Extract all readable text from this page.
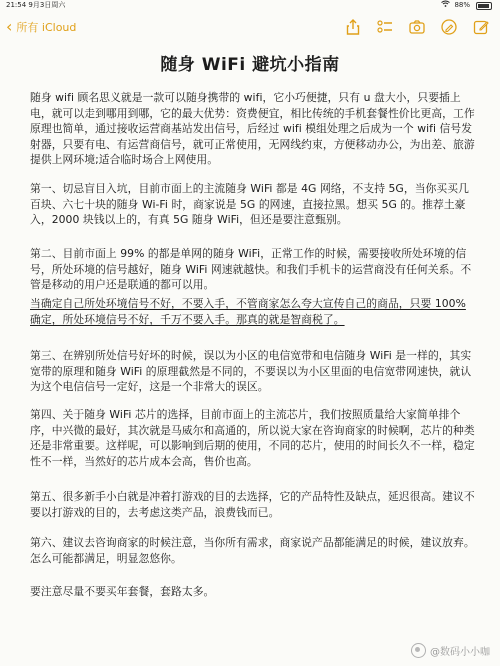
21:54 9月3日周六	88%
‹ 所有 iCloud
随身 WiFi 避坑小指南

随身 wifi 顾名思义就是一款可以随身携带的 wifi，它小巧便捷，只有 u 盘大小，只要插上电，就可以走到哪用到哪，它的最大优势：资费便宜，相比传统的手机套餐性价比更高，工作原理也简单，通过接收运营商基站发出信号，后经过 wifi 模组处理之后成为一个 wifi 信号发射器，只要有电、有运营商信号，就可正常使用，无网线约束，方便移动办公，为出差、旅游提供上网环境;适合临时场合上网使用。

第一、切忌盲目入坑，目前市面上的主流随身 WiFi 都是 4G 网络，不支持 5G，当你买买几百块、六七十块的随身 Wi-Fi 时，商家说是 5G 的网速，直接拉黑。想买 5G 的。推荐土豪入，2000 块钱以上的，有真 5G 随身 WiFi，但还是要注意甄别。

第二、目前市面上 99% 的都是单网的随身 WiFi，正常工作的时候，需要接收所处环境的信号，所处环境的信号越好，随身 WiFi 网速就越快。和我们手机卡的运营商没有任何关系。不管是移动的用户还是联通的都可以用。

当确定自己所处环境信号不好，不要入手，不管商家怎么夸大宣传自己的商品，只要 100% 确定，所处环境信号不好，千万不要入手。那真的就是智商税了。

第三、在辨别所处信号好坏的时候，误以为小区的电信宽带和电信随身 WiFi 是一样的，其实宽带的原理和随身 WiFi 的原理截然是不同的，不要误以为小区里面的电信宽带网速快，就认为这个电信信号一定好，这是一个非常大的误区。

第四、关于随身 WiFi 芯片的选择，目前市面上的主流芯片，我们按照质量给大家简单排个序，中兴微的最好，其次就是马威尔和高通的，所以说大家在咨询商家的时候啊，芯片的种类还是非常重要。这样呢，可以影响到后期的使用，不同的芯片，使用的时间长久不一样，稳定性不一样，当然好的芯片成本会高，售价也高。

第五、很多新手小白就是冲着打游戏的目的去选择，它的产品特性及缺点，延迟很高。建议不要以打游戏的目的，去考虑这类产品，浪费钱而已。

第六、建议去咨询商家的时候注意，当你所有需求，商家说产品都能满足的时候，建议放弃。怎么可能都满足，明显忽悠你。

要注意尽量不要买年套餐，套路太多。

@数码小小咖
